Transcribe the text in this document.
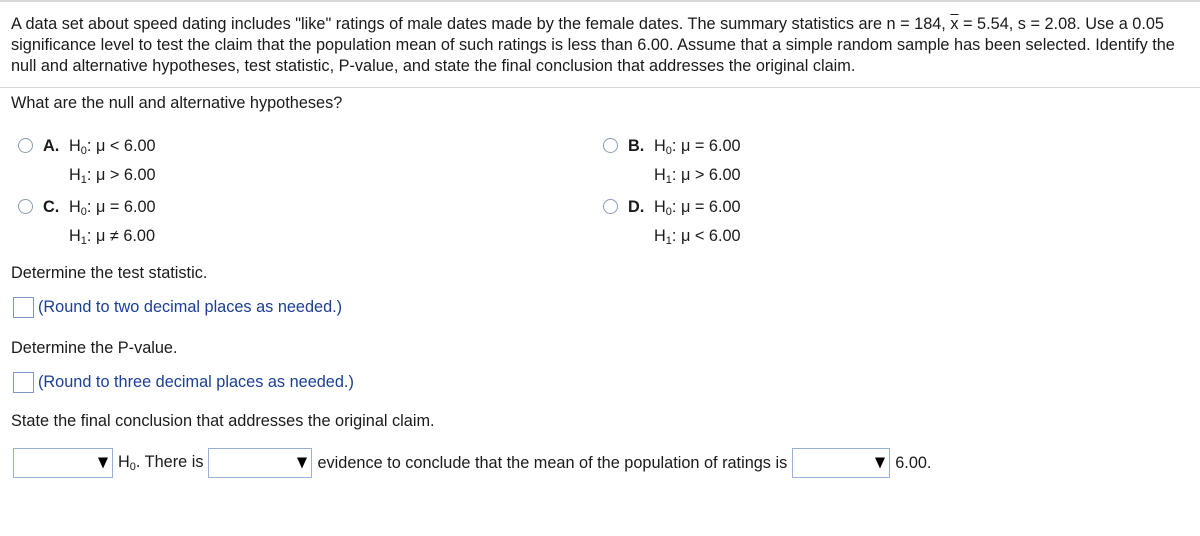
A data set about speed dating includes "like" ratings of male dates made by the female dates. The summary statistics are n = 184, $\overline{x} = 5.54$, s = 2.08. Use a 0.05 significance level to test the claim that the population mean of such ratings is less than 6.00. Assume that a simple random sample has been selected. Identify the null and alternative hypotheses, test statistic, P-value, and state the final conclusion that addresses the original claim.
What are the null and alternative hypotheses?
A. $H_0$: μ < 6.00
$H_1$: μ > 6.00
B. $H_0$: μ = 6.00
$H_1$: μ > 6.00
C. $H_0$: μ = 6.00
$H_1$: μ ≠ 6.00
D. $H_0$: μ = 6.00
$H_1$: μ < 6.00
Determine the test statistic.
(Round to two decimal places as needed.)
Determine the P-value.
(Round to three decimal places as needed.)
State the final conclusion that addresses the original claim.
$H_0$. There is	evidence to conclude that the mean of the population of ratings is	6.00.
